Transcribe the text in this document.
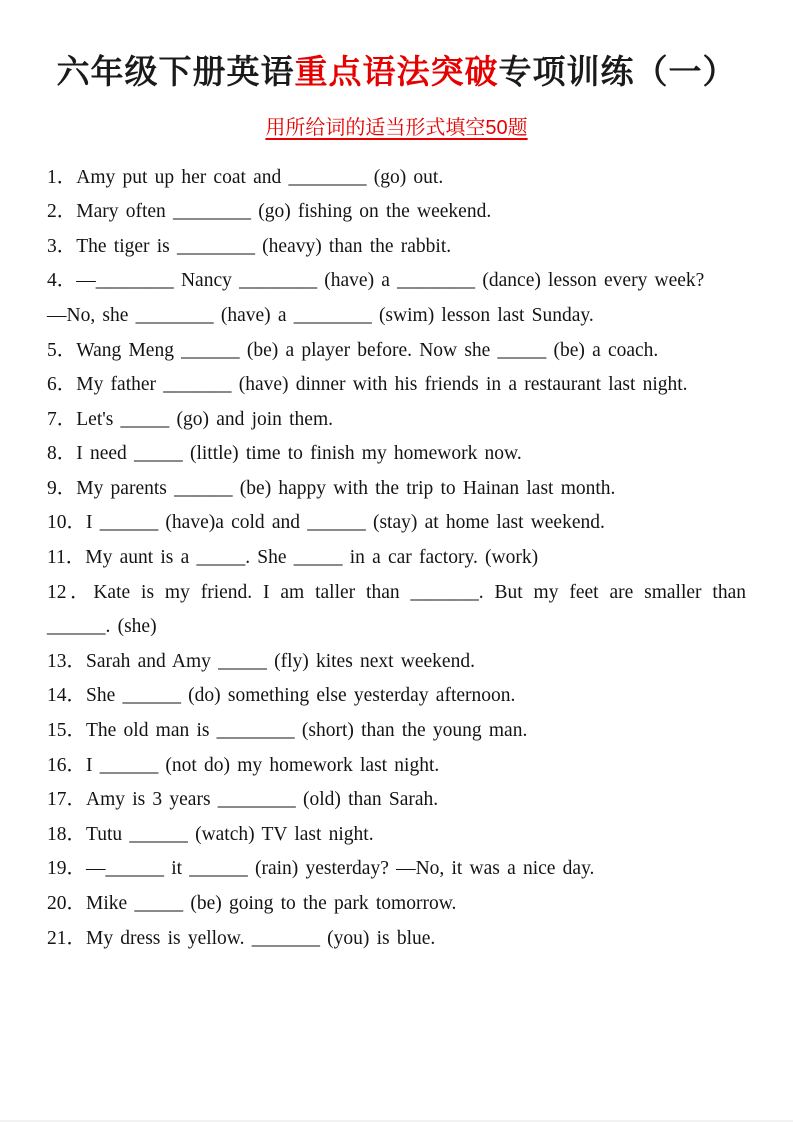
六年级下册英语重点语法突破专项训练（一）
用所给词的适当形式填空50题

1．Amy put up her coat and ________ (go) out.

2．Mary often ________ (go) fishing on the weekend.

3．The tiger is ________ (heavy) than the rabbit.

4．—________ Nancy ________ (have) a ________ (dance) lesson every week?

—No, she ________ (have) a ________ (swim) lesson last Sunday.

5．Wang Meng ______ (be) a player before. Now she _____ (be) a coach.

6．My father _______ (have) dinner with his friends in a restaurant last night.

7．Let's _____ (go) and join them.

8．I need _____ (little) time to finish my homework now.

9．My parents ______ (be) happy with the trip to Hainan last month.

10．I ______ (have)a cold and ______ (stay) at home last weekend.

11．My aunt is a _____. She _____ in a car factory. (work)

12．Kate is my friend. I am taller than _______. But my feet are smaller than ______. (she)

13．Sarah and Amy _____ (fly) kites next weekend.

14．She ______ (do) something else yesterday afternoon.

15．The old man is ________ (short) than the young man.

16．I ______ (not do) my homework last night.

17．Amy is 3 years ________ (old) than Sarah.

18．Tutu ______ (watch) TV last night.

19．—______ it ______ (rain) yesterday? —No, it was a nice day.

20．Mike _____ (be) going to the park tomorrow.

21．My dress is yellow. _______ (you) is blue.
